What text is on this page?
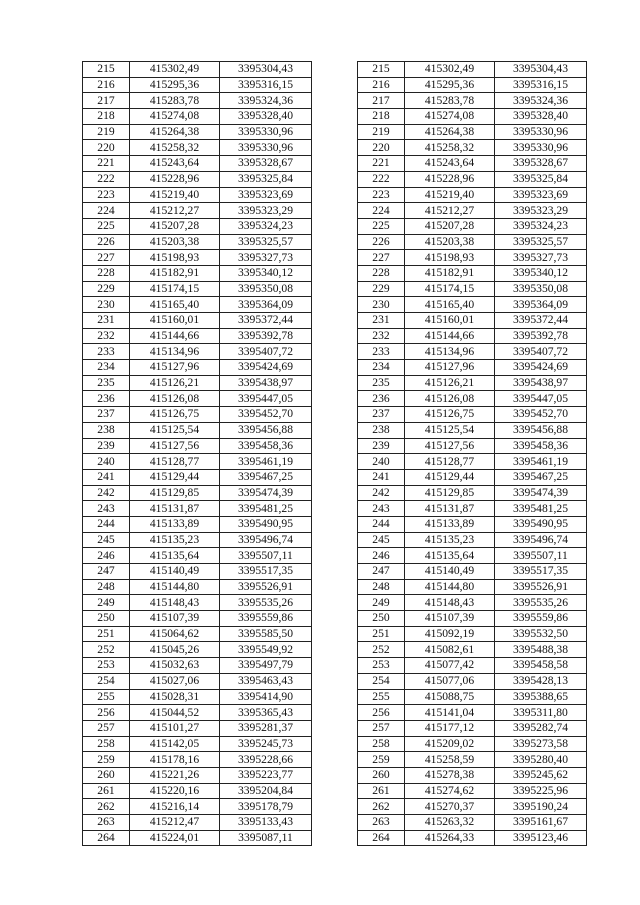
215	415302,49	3395304,43		215	415302,49	3395304,43
216	415295,36	3395316,15		216	415295,36	3395316,15
217	415283,78	3395324,36		217	415283,78	3395324,36
218	415274,08	3395328,40		218	415274,08	3395328,40
219	415264,38	3395330,96		219	415264,38	3395330,96
220	415258,32	3395330,96		220	415258,32	3395330,96
221	415243,64	3395328,67		221	415243,64	3395328,67
222	415228,96	3395325,84		222	415228,96	3395325,84
223	415219,40	3395323,69		223	415219,40	3395323,69
224	415212,27	3395323,29		224	415212,27	3395323,29
225	415207,28	3395324,23		225	415207,28	3395324,23
226	415203,38	3395325,57		226	415203,38	3395325,57
227	415198,93	3395327,73		227	415198,93	3395327,73
228	415182,91	3395340,12		228	415182,91	3395340,12
229	415174,15	3395350,08		229	415174,15	3395350,08
230	415165,40	3395364,09		230	415165,40	3395364,09
231	415160,01	3395372,44		231	415160,01	3395372,44
232	415144,66	3395392,78		232	415144,66	3395392,78
233	415134,96	3395407,72		233	415134,96	3395407,72
234	415127,96	3395424,69		234	415127,96	3395424,69
235	415126,21	3395438,97		235	415126,21	3395438,97
236	415126,08	3395447,05		236	415126,08	3395447,05
237	415126,75	3395452,70		237	415126,75	3395452,70
238	415125,54	3395456,88		238	415125,54	3395456,88
239	415127,56	3395458,36		239	415127,56	3395458,36
240	415128,77	3395461,19		240	415128,77	3395461,19
241	415129,44	3395467,25		241	415129,44	3395467,25
242	415129,85	3395474,39		242	415129,85	3395474,39
243	415131,87	3395481,25		243	415131,87	3395481,25
244	415133,89	3395490,95		244	415133,89	3395490,95
245	415135,23	3395496,74		245	415135,23	3395496,74
246	415135,64	3395507,11		246	415135,64	3395507,11
247	415140,49	3395517,35		247	415140,49	3395517,35
248	415144,80	3395526,91		248	415144,80	3395526,91
249	415148,43	3395535,26		249	415148,43	3395535,26
250	415107,39	3395559,86		250	415107,39	3395559,86
251	415064,62	3395585,50		251	415092,19	3395532,50
252	415045,26	3395549,92		252	415082,61	3395488,38
253	415032,63	3395497,79		253	415077,42	3395458,58
254	415027,06	3395463,43		254	415077,06	3395428,13
255	415028,31	3395414,90		255	415088,75	3395388,65
256	415044,52	3395365,43		256	415141,04	3395311,80
257	415101,27	3395281,37		257	415177,12	3395282,74
258	415142,05	3395245,73		258	415209,02	3395273,58
259	415178,16	3395228,66		259	415258,59	3395280,40
260	415221,26	3395223,77		260	415278,38	3395245,62
261	415220,16	3395204,84		261	415274,62	3395225,96
262	415216,14	3395178,79		262	415270,37	3395190,24
263	415212,47	3395133,43		263	415263,32	3395161,67
264	415224,01	3395087,11		264	415264,33	3395123,46
